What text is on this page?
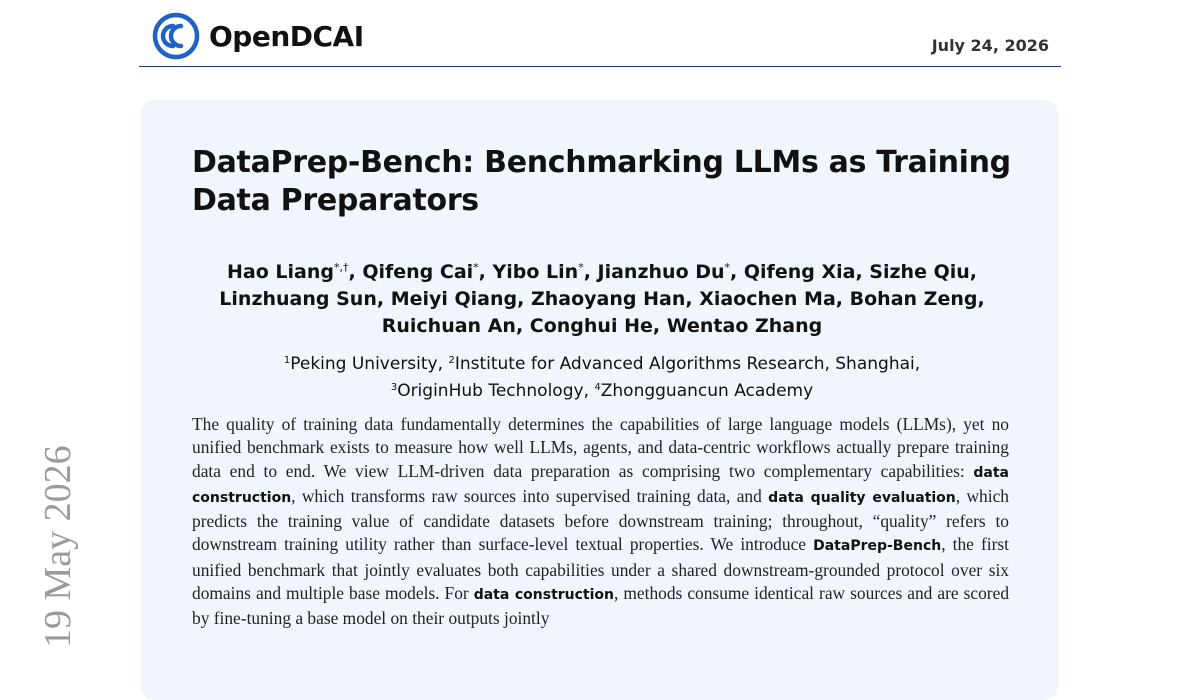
OpenDCAI	July 24, 2026
19 May 2026
DataPrep-Bench: Benchmarking LLMs as Training Data Preparators
Hao Liang*,†, Qifeng Cai*, Yibo Lin*, Jianzhuo Du*, Qifeng Xia, Sizhe Qiu,
Linzhuang Sun, Meiyi Qiang, Zhaoyang Han, Xiaochen Ma, Bohan Zeng,
Ruichuan An, Conghui He, Wentao Zhang
$^1$Peking University, $^2$Institute for Advanced Algorithms Research, Shanghai,
$^3$OriginHub Technology, $^4$Zhongguancun Academy
The quality of training data fundamentally determines the capabilities of large language models (LLMs), yet no unified benchmark exists to measure how well LLMs, agents, and data-centric workflows actually prepare training data end to end. We view LLM-driven data preparation as comprising two complementary capabilities: data construction, which transforms raw sources into supervised training data, and data quality evaluation, which predicts the training value of candidate datasets before downstream training; throughout, “quality” refers to downstream training utility rather than surface-level textual properties. We introduce DataPrep-Bench, the first unified benchmark that jointly evaluates both capabilities under a shared downstream-grounded protocol over six domains and multiple base models. For data construction, methods consume identical raw sources and are scored by fine-tuning a base model on their outputs jointly
